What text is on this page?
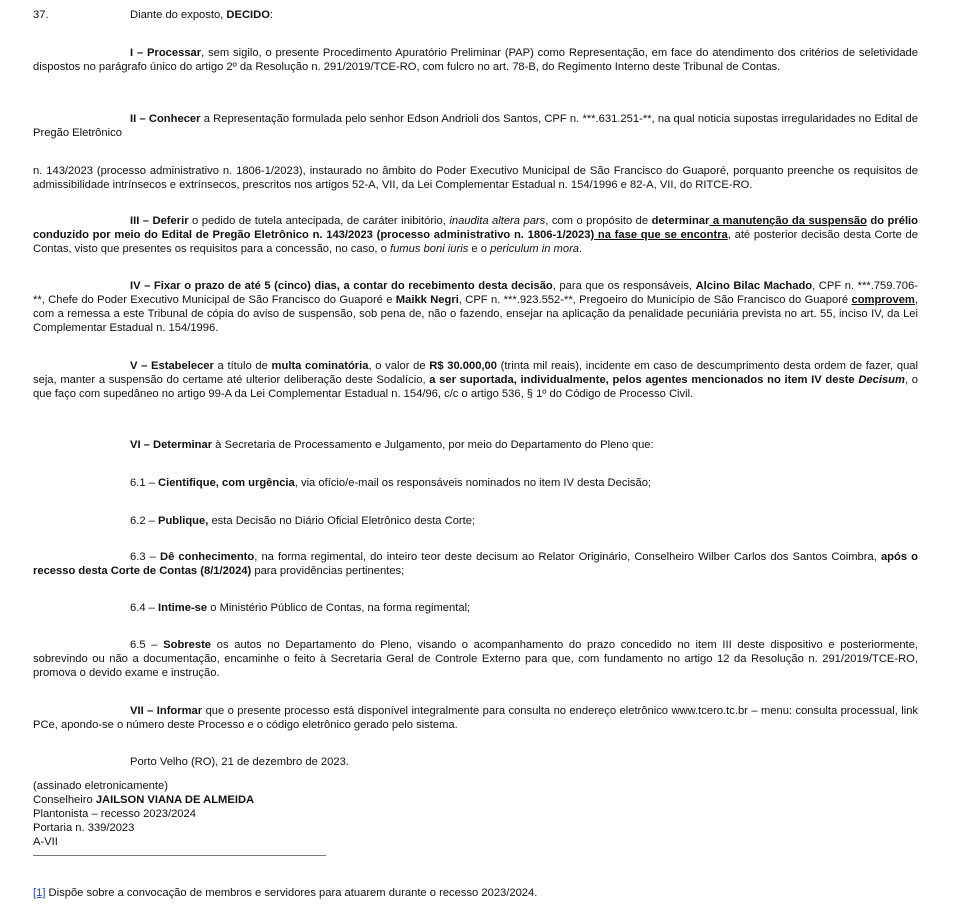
37.	Diante do exposto, DECIDO:

I – Processar, sem sigilo, o presente Procedimento Apuratório Preliminar (PAP) como Representação, em face do atendimento dos critérios de seletividade dispostos no parágrafo único do artigo 2º da Resolução n. 291/2019/TCE-RO, com fulcro no art. 78-B, do Regimento Interno deste Tribunal de Contas.

II – Conhecer a Representação formulada pelo senhor Edson Andrioli dos Santos, CPF n. ***.631.251-**, na qual noticia supostas irregularidades no Edital de Pregão Eletrônico

n. 143/2023 (processo administrativo n. 1806-1/2023), instaurado no âmbito do Poder Executivo Municipal de São Francisco do Guaporé, porquanto preenche os requisitos de admissibilidade intrínsecos e extrínsecos, prescritos nos artigos 52-A, VII, da Lei Complementar Estadual n. 154/1996 e 82-A, VII, do RITCE-RO.

III – Deferir o pedido de tutela antecipada, de caráter inibitório, inaudita altera pars, com o propósito de determinar a manutenção da suspensão do prélio conduzido por meio do Edital de Pregão Eletrônico n. 143/2023 (processo administrativo n. 1806-1/2023) na fase que se encontra, até posterior decisão desta Corte de Contas, visto que presentes os requisitos para a concessão, no caso, o fumus boni iuris e o periculum in mora.

IV – Fixar o prazo de até 5 (cinco) dias, a contar do recebimento desta decisão, para que os responsáveis, Alcino Bilac Machado, CPF n. ***.759.706-**, Chefe do Poder Executivo Municipal de São Francisco do Guaporé e Maikk Negri, CPF n. ***.923.552-**, Pregoeiro do Município de São Francisco do Guaporé comprovem, com a remessa a este Tribunal de cópia do aviso de suspensão, sob pena de, não o fazendo, ensejar na aplicação da penalidade pecuniária prevista no art. 55, inciso IV, da Lei Complementar Estadual n. 154/1996.

V – Estabelecer a título de multa cominatória, o valor de R$ 30.000,00 (trinta mil reais), incidente em caso de descumprimento desta ordem de fazer, qual seja, manter a suspensão do certame até ulterior deliberação deste Sodalício, a ser suportada, individualmente, pelos agentes mencionados no item IV deste Decisum, o que faço com supedâneo no artigo 99-A da Lei Complementar Estadual n. 154/96, c/c o artigo 536, § 1º do Código de Processo Civil.

VI – Determinar à Secretaria de Processamento e Julgamento, por meio do Departamento do Pleno que:

6.1 – Cientifique, com urgência, via ofício/e-mail os responsáveis nominados no item IV desta Decisão;

6.2 – Publique, esta Decisão no Diário Oficial Eletrônico desta Corte;

6.3 – Dê conhecimento, na forma regimental, do inteiro teor deste decisum ao Relator Originário, Conselheiro Wilber Carlos dos Santos Coimbra, após o recesso desta Corte de Contas (8/1/2024) para providências pertinentes;

6.4 – Intime-se o Ministério Público de Contas, na forma regimental;

6.5 – Sobreste os autos no Departamento do Pleno, visando o acompanhamento do prazo concedido no item III deste dispositivo e posteriormente, sobrevindo ou não a documentação, encaminhe o feito à Secretaria Geral de Controle Externo para que, com fundamento no artigo 12 da Resolução n. 291/2019/TCE-RO, promova o devido exame e instrução.

VII – Informar que o presente processo está disponível integralmente para consulta no endereço eletrônico www.tcero.tc.br – menu: consulta processual, link PCe, apondo-se o número deste Processo e o código eletrônico gerado pelo sistema.

Porto Velho (RO), 21 de dezembro de 2023.

(assinado eletronicamente)
Conselheiro JAILSON VIANA DE ALMEIDA
Plantonista – recesso 2023/2024
Portaria n. 339/2023
A-VII
[1] Dispõe sobre a convocação de membros e servidores para atuarem durante o recesso 2023/2024.
